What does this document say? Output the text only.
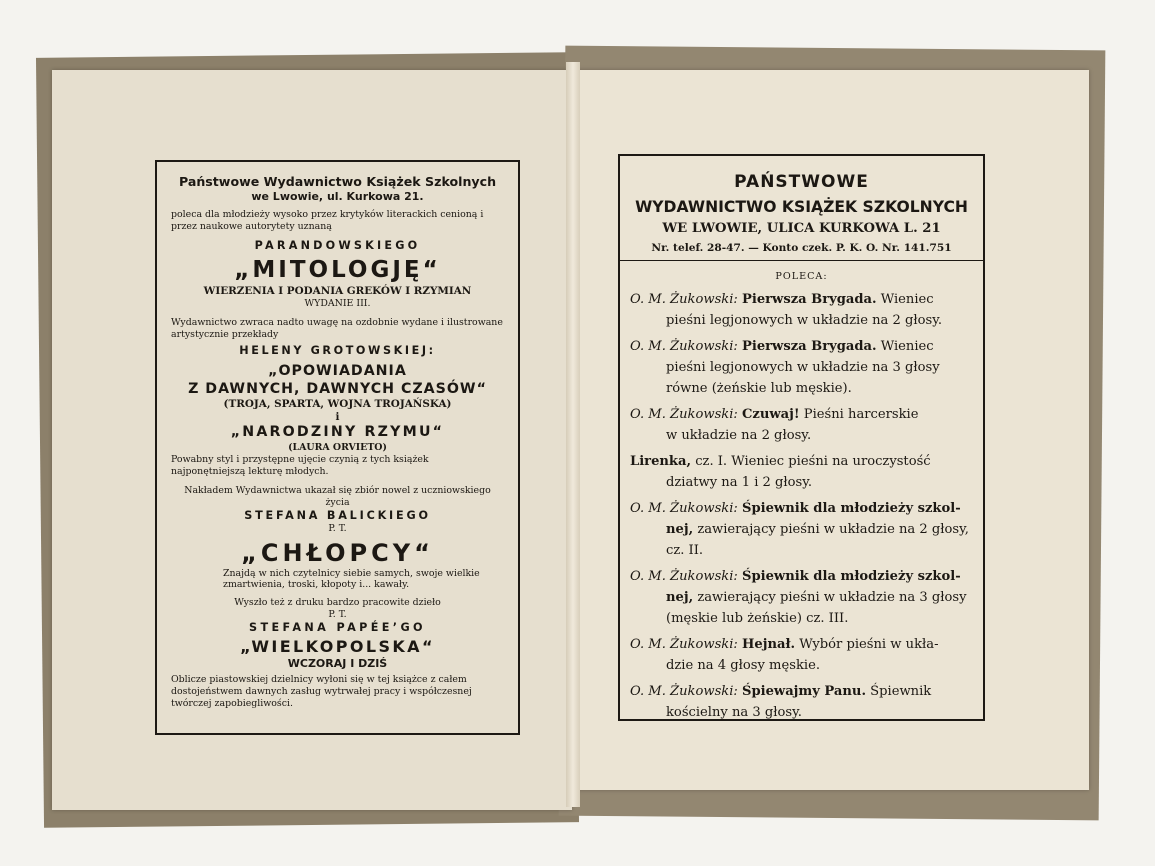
Państwowe Wydawnictwo Książek Szkolnych

we Lwowie, ul. Kurkowa 21.

poleca dla młodzieży wysoko przez krytyków literackich cenioną i przez naukowe autorytety uznaną

PARANDOWSKIEGO

„MITOLOGJĘ“

WIERZENIA I PODANIA GREKÓW I RZYMIAN

WYDANIE III.

Wydawnictwo zwraca nadto uwagę na ozdobnie wydane i ilustrowane artystycznie przekłady

HELENY GROTOWSKIEJ:

„OPOWIADANIA

Z DAWNYCH, DAWNYCH CZASÓW“

(TROJA, SPARTA, WOJNA TROJAŃSKA)

i

„NARODZINY RZYMU“

(LAURA ORVIETO)

Powabny styl i przystępne ujęcie czynią z tych książek najponętniejszą lekturę młodych.

Nakładem Wydawnictwa ukazał się zbiór nowel z uczniowskiego życia

STEFANA BALICKIEGO

P. T.

„CHŁOPCY“

Znajdą w nich czytelnicy siebie samych, swoje wielkie zmartwienia, troski, kłopoty i... kawały.

Wyszło też z druku bardzo pracowite dzieło

P. T.

STEFANA PAPÉE’GO

„WIELKOPOLSKA“

WCZORAJ I DZIŚ

Oblicze piastowskiej dzielnicy wyłoni się w tej książce z całem dostojeństwem dawnych zasług wytrwałej pracy i współczesnej twórczej zapobiegliwości.

PAŃSTWOWE

WYDAWNICTWO KSIĄŻEK SZKOLNYCH

WE LWOWIE, ULICA KURKOWA L. 21

Nr. telef. 28-47. — Konto czek. P. K. O. Nr. 141.751

POLECA:

O. M. Żukowski: Pierwsza Brygada. Wieniec
pieśni legjonowych w układzie na 2 głosy.

O. M. Żukowski: Pierwsza Brygada. Wieniec
pieśni legjonowych w układzie na 3 głosy
równe (żeńskie lub męskie).

O. M. Żukowski: Czuwaj! Pieśni harcerskie
w układzie na 2 głosy.

Lirenka, cz. I. Wieniec pieśni na uroczystość
dziatwy na 1 i 2 głosy.

O. M. Żukowski: Śpiewnik dla młodzieży szkol-
nej, zawierający pieśni w układzie na 2 głosy,
cz. II.

O. M. Żukowski: Śpiewnik dla młodzieży szkol-
nej, zawierający pieśni w układzie na 3 głosy
(męskie lub żeńskie) cz. III.

O. M. Żukowski: Hejnał. Wybór pieśni w ukła-
dzie na 4 głosy męskie.

O. M. Żukowski: Śpiewajmy Panu. Śpiewnik
kościelny na 3 głosy.
